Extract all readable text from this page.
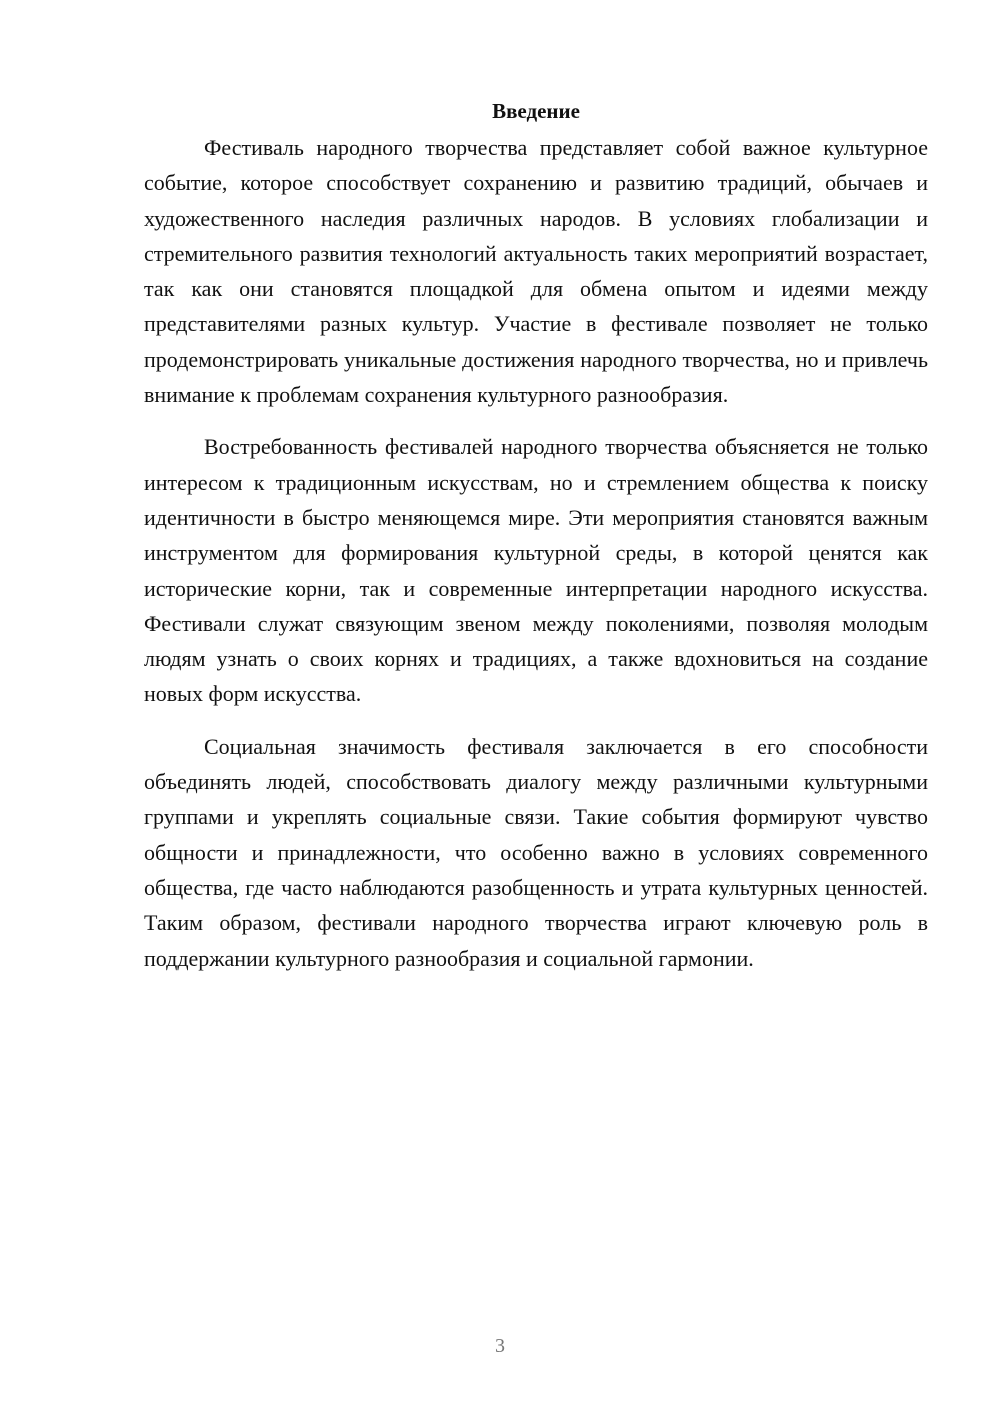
Введение

Фестиваль народного творчества представляет собой важное культурное событие, которое способствует сохранению и развитию традиций, обычаев и художественного наследия различных народов. В условиях глобализации и стремительного развития технологий актуальность таких мероприятий возрастает, так как они становятся площадкой для обмена опытом и идеями между представителями разных культур. Участие в фестивале позволяет не только продемонстрировать уникальные достижения народного творчества, но и привлечь внимание к проблемам сохранения культурного разнообразия.

Востребованность фестивалей народного творчества объясняется не только интересом к традиционным искусствам, но и стремлением общества к поиску идентичности в быстро меняющемся мире. Эти мероприятия становятся важным инструментом для формирования культурной среды, в которой ценятся как исторические корни, так и современные интерпретации народного искусства. Фестивали служат связующим звеном между поколениями, позволяя молодым людям узнать о своих корнях и традициях, а также вдохновиться на создание новых форм искусства.

Социальная значимость фестиваля заключается в его способности объединять людей, способствовать диалогу между различными культурными группами и укреплять социальные связи. Такие события формируют чувство общности и принадлежности, что особенно важно в условиях современного общества, где часто наблюдаются разобщенность и утрата культурных ценностей. Таким образом, фестивали народного творчества играют ключевую роль в поддержании культурного разнообразия и социальной гармонии.

3
